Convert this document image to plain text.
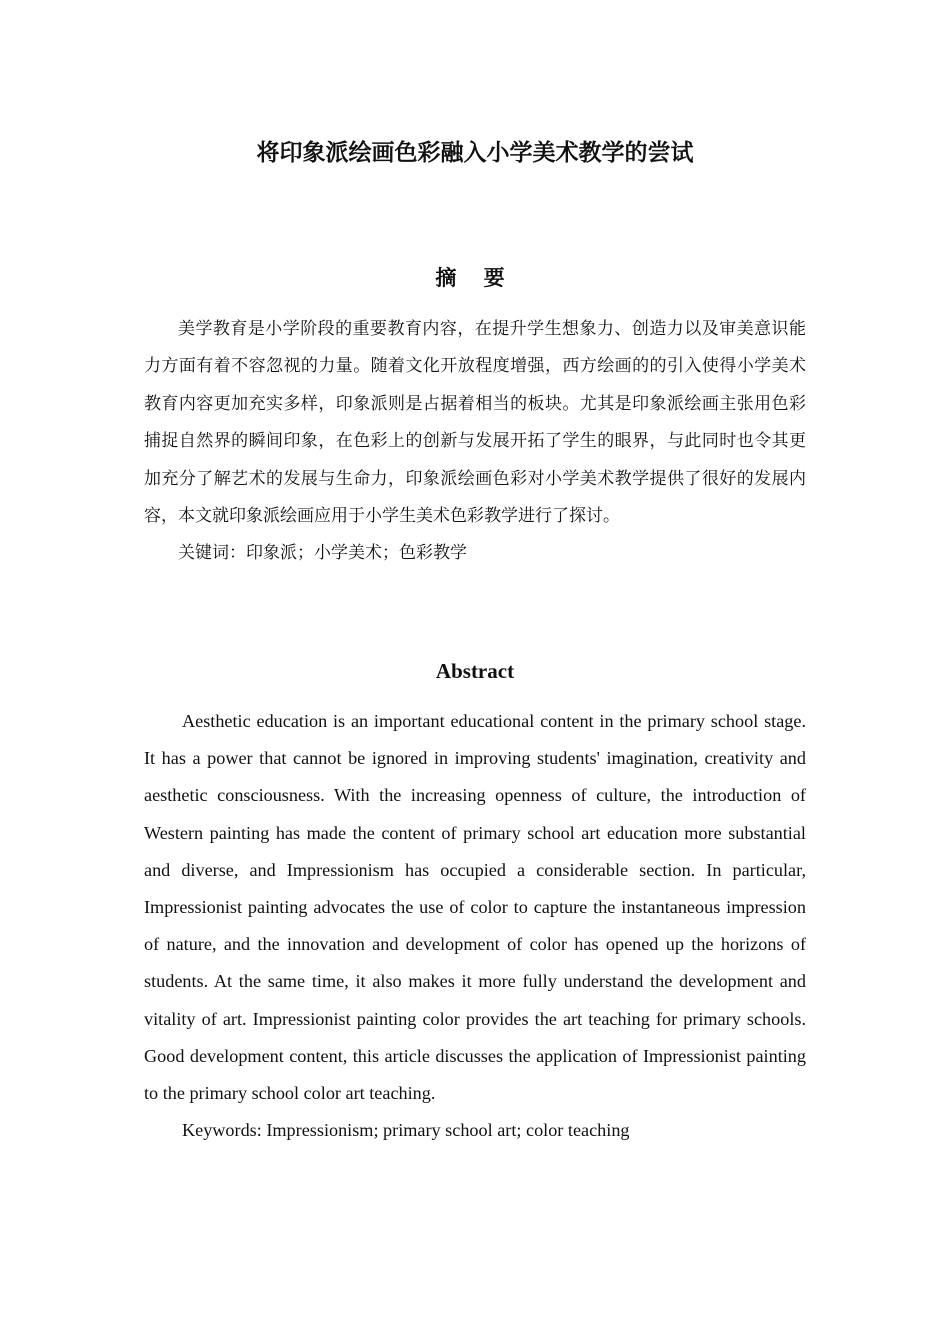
将印象派绘画色彩融入小学美术教学的尝试
摘 要

美学教育是小学阶段的重要教育内容，在提升学生想象力、创造力以及审美意识能力方面有着不容忽视的力量。随着文化开放程度增强，西方绘画的的引入使得小学美术教育内容更加充实多样，印象派则是占据着相当的板块。尤其是印象派绘画主张用色彩捕捉自然界的瞬间印象，在色彩上的创新与发展开拓了学生的眼界，与此同时也令其更加充分了解艺术的发展与生命力，印象派绘画色彩对小学美术教学提供了很好的发展内容，本文就印象派绘画应用于小学生美术色彩教学进行了探讨。

关键词：印象派；小学美术；色彩教学

Abstract

Aesthetic education is an important educational content in the primary school stage. It has a power that cannot be ignored in improving students' imagination, creativity and aesthetic consciousness. With the increasing openness of culture, the introduction of Western painting has made the content of primary school art education more substantial and diverse, and Impressionism has occupied a considerable section. In particular, Impressionist painting advocates the use of color to capture the instantaneous impression of nature, and the innovation and development of color has opened up the horizons of students. At the same time, it also makes it more fully understand the development and vitality of art. Impressionist painting color provides the art teaching for primary schools. Good development content, this article discusses the application of Impressionist painting to the primary school color art teaching.

Keywords: Impressionism; primary school art; color teaching
